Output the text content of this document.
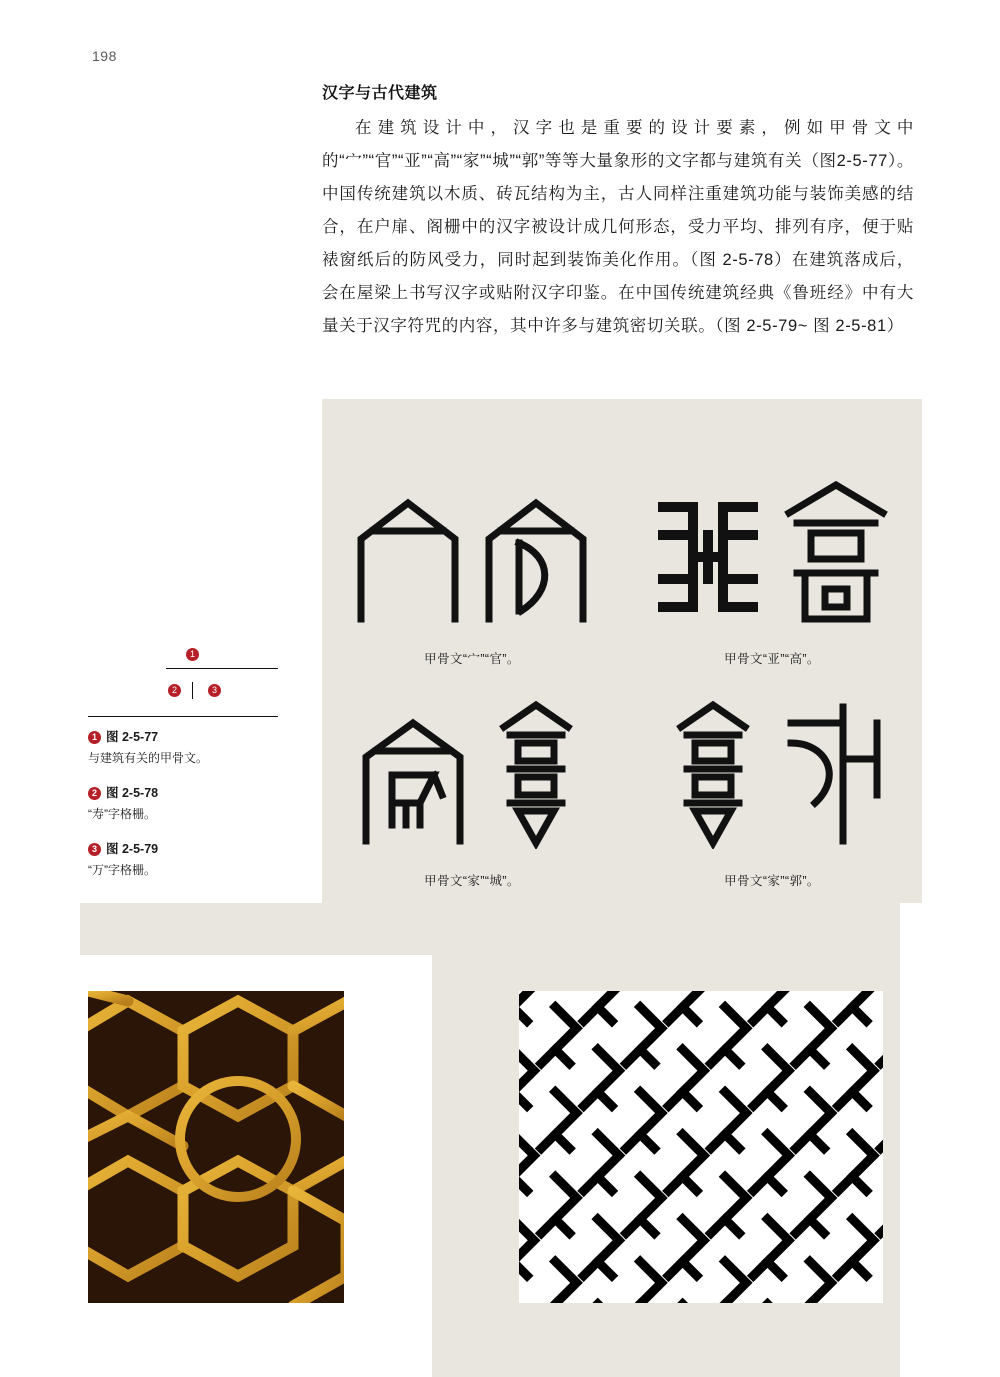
198
汉字与古代建筑
在建筑设计中，汉字也是重要的设计要素，例如甲骨文中的“宀”“官”“亚”“高”“家”“城”“郭”等等大量象形的文字都与建筑有关（图2-5-77）。中国传统建筑以木质、砖瓦结构为主，古人同样注重建筑功能与装饰美感的结合，在户扉、阁栅中的汉字被设计成几何形态，受力平均、排列有序，便于贴裱窗纸后的防风受力，同时起到装饰美化作用。（图 2-5-78）在建筑落成后，会在屋梁上书写汉字或贴附汉字印鉴。在中国传统建筑经典《鲁班经》中有大量关于汉字符咒的内容，其中许多与建筑密切关联。（图 2-5-79~ 图 2-5-81）
甲骨文“宀”“官”。	甲骨文“亚”“高”。
甲骨文“家”“城”。	甲骨文“家”“郭”。
1
2	3
1 图 2-5-77
与建筑有关的甲骨文。
2 图 2-5-78
“寿”字格栅。
3 图 2-5-79
“万”字格栅。
